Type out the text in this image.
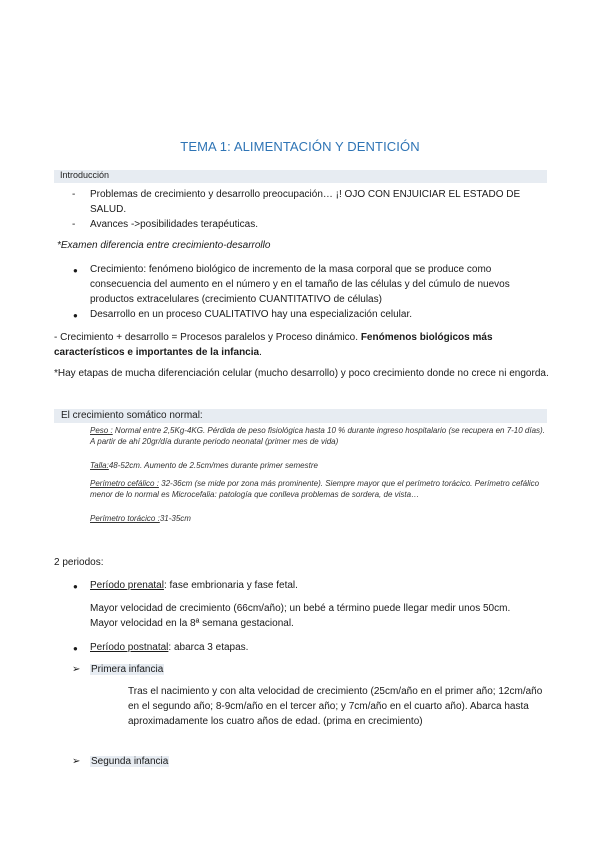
TEMA 1: ALIMENTACIÓN Y DENTICIÓN
Introducción
- Problemas de crecimiento y desarrollo preocupación… ¡! OJO CON ENJUICIAR EL ESTADO DE SALUD.
- Avances ->posibilidades terapéuticas.
*Examen diferencia entre crecimiento-desarrollo
● Crecimiento: fenómeno biológico de incremento de la masa corporal que se produce como consecuencia del aumento en el número y en el tamaño de las células y del cúmulo de nuevos productos extracelulares (crecimiento CUANTITATIVO de células)
● Desarrollo en un proceso CUALITATIVO hay una especialización celular.
- Crecimiento + desarrollo = Procesos paralelos y Proceso dinámico. Fenómenos biológicos más característicos e importantes de la infancia.
*Hay etapas de mucha diferenciación celular (mucho desarrollo) y poco crecimiento donde no crece ni engorda.
El crecimiento somático normal:
Peso : Normal entre 2,5Kg-4KG. Pérdida de peso fisiológica hasta 10 % durante ingreso hospitalario (se recupera en 7-10 días). A partir de ahí 20gr/día durante periodo neonatal (primer mes de vida)
Talla:48-52cm. Aumento de 2.5cm/mes durante primer semestre
Perímetro cefálico : 32-36cm (se mide por zona más prominente). Siempre mayor que el perímetro torácico. Perímetro cefálico menor de lo normal es Microcefalia: patología que conlleva problemas de sordera, de vista…
Perímetro torácico :31-35cm
2 periodos:
● Período prenatal: fase embrionaria y fase fetal.
Mayor velocidad de crecimiento (66cm/año); un bebé a término puede llegar medir unos 50cm. Mayor velocidad en la 8ª semana gestacional.
● Período postnatal: abarca 3 etapas.
➢ Primera infancia
Tras el nacimiento y con alta velocidad de crecimiento (25cm/año en el primer año; 12cm/año en el segundo año; 8-9cm/año en el tercer año; y 7cm/año en el cuarto año). Abarca hasta aproximadamente los cuatro años de edad. (prima en crecimiento)
➢ Segunda infancia
